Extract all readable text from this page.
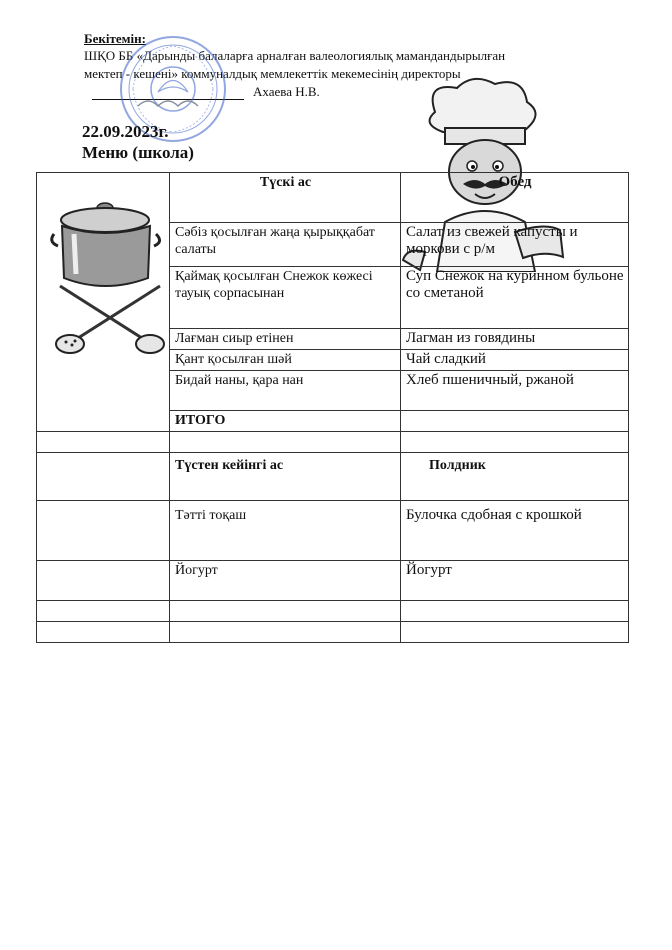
Бекітемін:
ШҚО ББ «Дарынды балаларға арналған валеологиялық мамандандырылған
мектеп - кешені» коммуналдық мемлекеттік мекемесінің директоры
Ахаева Н.В.
22.09.2023г.
Меню (школа)
	Түскі ас	Обед
	Сәбіз қосылған жаңа қырыққабат салаты	Салат из свежей капусты и моркови с р/м
	Қаймақ қосылған Снежок көжесі тауық сорпасынан	Суп Снежок на куринном бульоне со сметаной
	Лағман сиыр етінен	Лагман из говядины
	Қант қосылған шәй	Чай сладкий
	Бидай наны, қара нан	Хлеб пшеничный, ржаной
	ИТОГО	

	Түстен кейінгі ас	Полдник
	Тәтті тоқаш	Булочка сдобная с крошкой
	Йогурт	Йогурт
